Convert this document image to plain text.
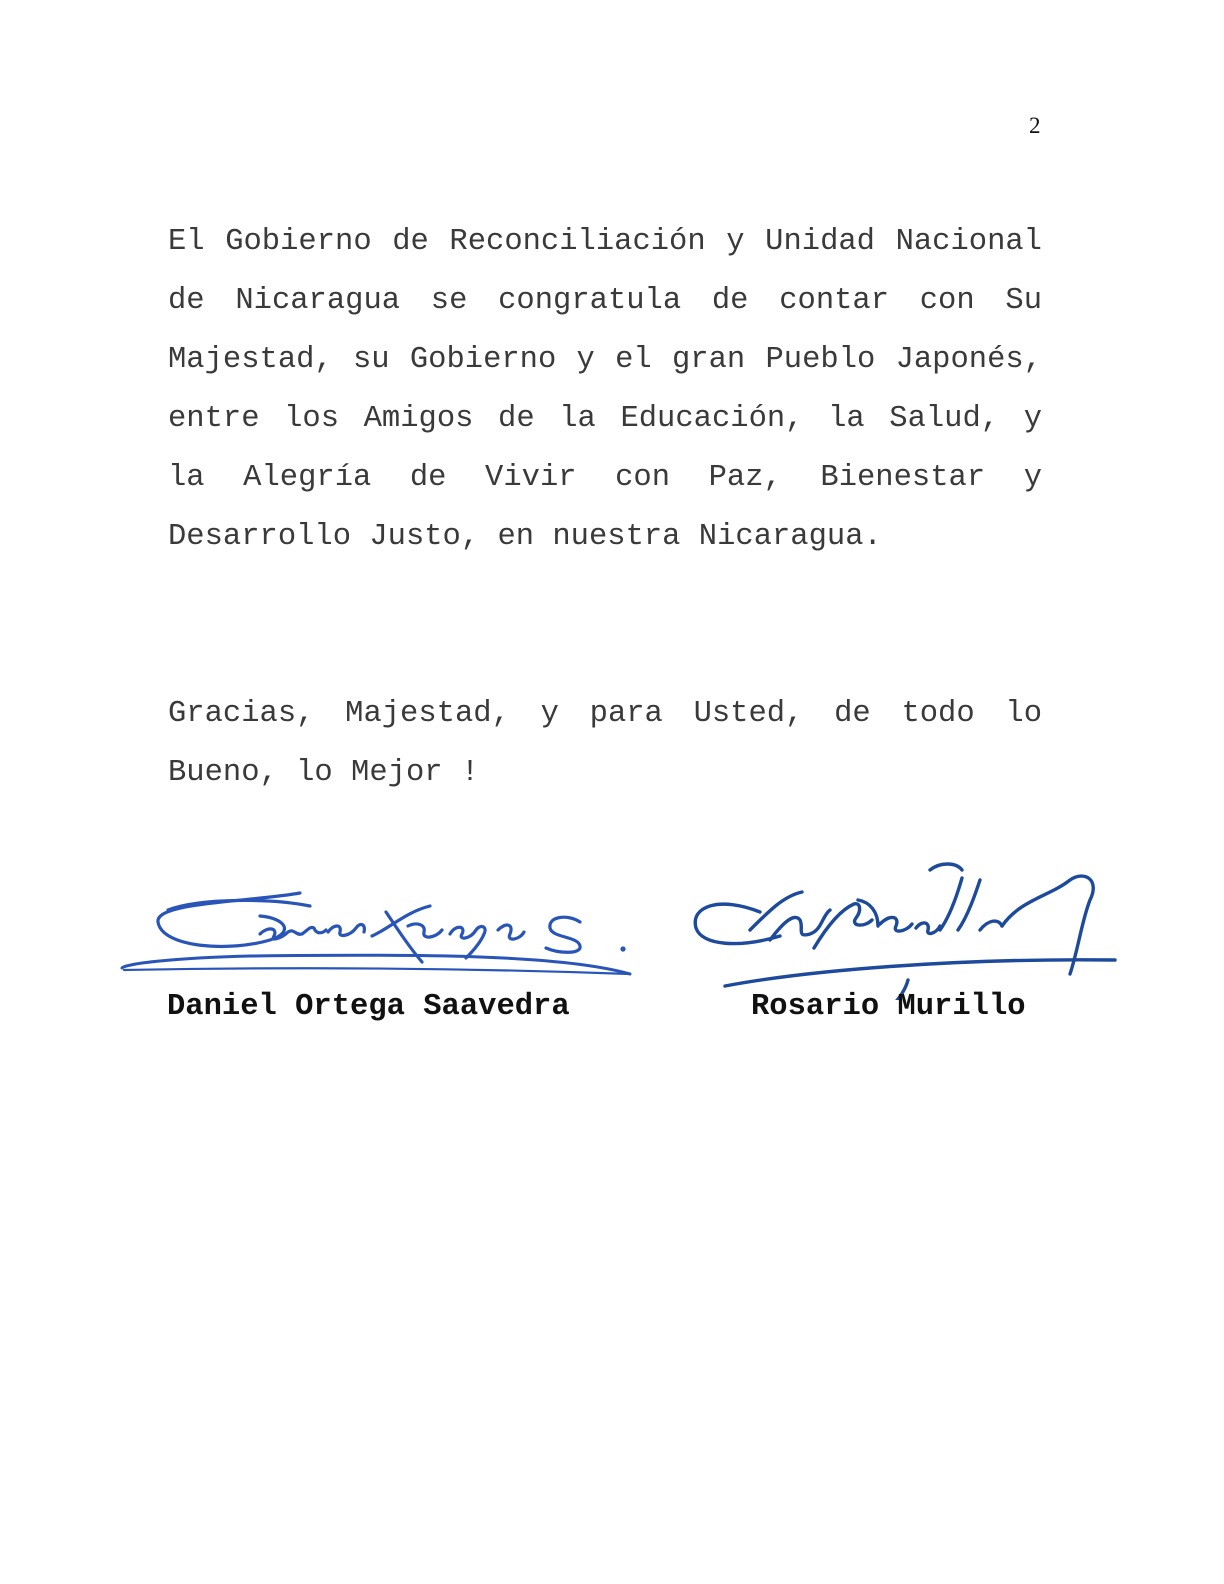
2

El Gobierno de Reconciliación y Unidad Nacional de Nicaragua se congratula de contar con Su Majestad, su Gobierno y el gran Pueblo Japonés, entre los Amigos de la Educación, la Salud, y la Alegría de Vivir con Paz, Bienestar y Desarrollo Justo, en nuestra Nicaragua.

Gracias, Majestad, y para Usted, de todo lo Bueno, lo Mejor !

Daniel Ortega Saavedra	Rosario Murillo
